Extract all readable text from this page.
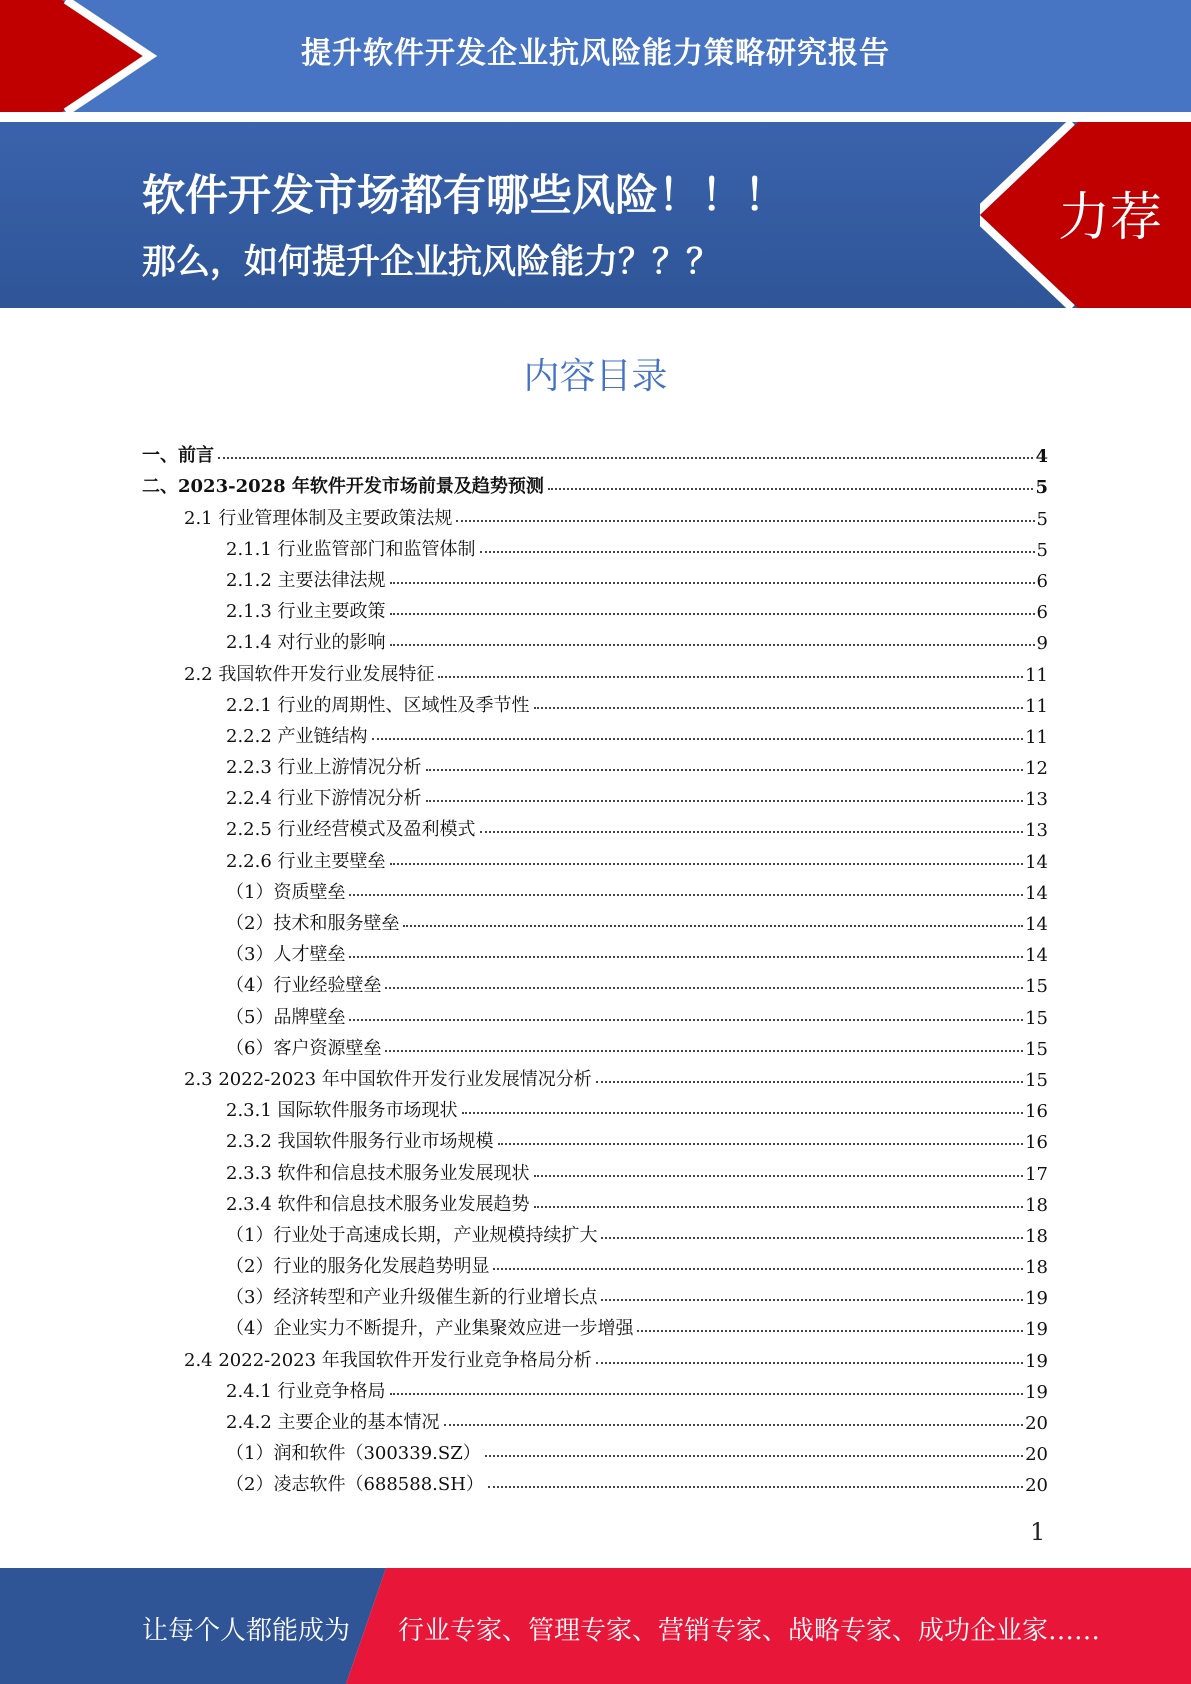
提升软件开发企业抗风险能力策略研究报告
软件开发市场都有哪些风险！！！
那么，如何提升企业抗风险能力？？？
力荐
内容目录
一、前言	4
二、2023-2028 年软件开发市场前景及趋势预测	5
2.1 行业管理体制及主要政策法规	5
2.1.1 行业监管部门和监管体制	5
2.1.2 主要法律法规	6
2.1.3 行业主要政策	6
2.1.4 对行业的影响	9
2.2 我国软件开发行业发展特征	11
2.2.1 行业的周期性、区域性及季节性	11
2.2.2 产业链结构	11
2.2.3 行业上游情况分析	12
2.2.4 行业下游情况分析	13
2.2.5 行业经营模式及盈利模式	13
2.2.6 行业主要壁垒	14
（1）资质壁垒	14
（2）技术和服务壁垒	14
（3）人才壁垒	14
（4）行业经验壁垒	15
（5）品牌壁垒	15
（6）客户资源壁垒	15
2.3 2022-2023 年中国软件开发行业发展情况分析	15
2.3.1 国际软件服务市场现状	16
2.3.2 我国软件服务行业市场规模	16
2.3.3 软件和信息技术服务业发展现状	17
2.3.4 软件和信息技术服务业发展趋势	18
（1）行业处于高速成长期，产业规模持续扩大	18
（2）行业的服务化发展趋势明显	18
（3）经济转型和产业升级催生新的行业增长点	19
（4）企业实力不断提升，产业集聚效应进一步增强	19
2.4 2022-2023 年我国软件开发行业竞争格局分析	19
2.4.1 行业竞争格局	19
2.4.2 主要企业的基本情况	20
（1）润和软件（300339.SZ）	20
（2）凌志软件（688588.SH）	20
1
让每个人都能成为 行业专家、管理专家、营销专家、战略专家、成功企业家……
